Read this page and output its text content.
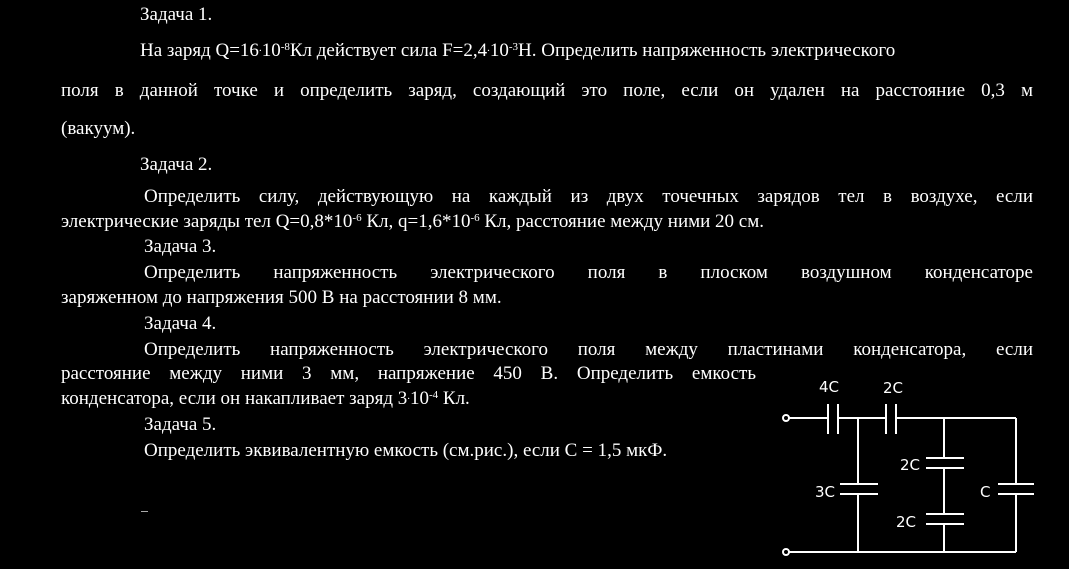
Задача 1.
На заряд $Q=16^.10^{-8}Кл$ действует сила $F=2,4^.10^{-3}Н$. Определить напряженность электрического
поля в данной точке и определить заряд, создающий это поле, если он удален на расстояние 0,3 м
(вакуум).
Задача 2.
Определить силу, действующую на каждый из двух точечных зарядов тел в воздухе, если
электрические заряды тел $Q=0,8*10^{-6}$ Кл, $q=1,6*10^{-6}$ Кл, расстояние между ними 20 см.
Задача 3.
Определить напряженность электрического поля в плоском воздушном конденсаторе
заряженном до напряжения 500 В на расстоянии 8 мм.
Задача 4.
Определить напряженность электрического поля между пластинами конденсатора, если
расстояние между ними 3 мм, напряжение 450 В. Определить емкость
конденсатора, если он накапливает заряд $3^.10^{-4}$ Кл.
Задача 5.
Определить эквивалентную емкость (см.рис.), если С = 1,5 мкФ.
4C	2C
2C
3C	C
2C
